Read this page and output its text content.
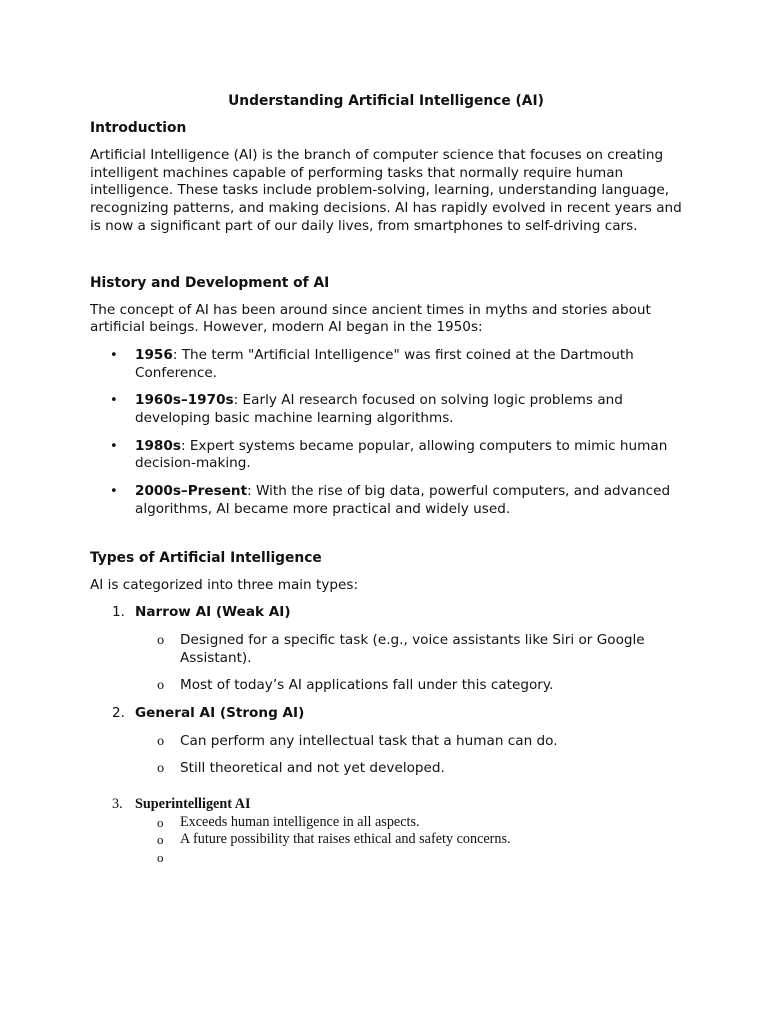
Understanding Artificial Intelligence (AI)
Introduction

Artificial Intelligence (AI) is the branch of computer science that focuses on creating intelligent machines capable of performing tasks that normally require human intelligence. These tasks include problem-solving, learning, understanding language, recognizing patterns, and making decisions. AI has rapidly evolved in recent years and is now a significant part of our daily lives, from smartphones to self-driving cars.

History and Development of AI

The concept of AI has been around since ancient times in myths and stories about artificial beings. However, modern AI began in the 1950s:

• 1956: The term "Artificial Intelligence" was first coined at the Dartmouth Conference.
• 1960s–1970s: Early AI research focused on solving logic problems and developing basic machine learning algorithms.
• 1980s: Expert systems became popular, allowing computers to mimic human decision-making.
• 2000s–Present: With the rise of big data, powerful computers, and advanced algorithms, AI became more practical and widely used.
Types of Artificial Intelligence

AI is categorized into three main types:

1. Narrow AI (Weak AI)
o Designed for a specific task (e.g., voice assistants like Siri or Google Assistant).
o Most of today’s AI applications fall under this category.
2. General AI (Strong AI)
o Can perform any intellectual task that a human can do.
o Still theoretical and not yet developed.
3. Superintelligent AI
o Exceeds human intelligence in all aspects.
o A future possibility that raises ethical and safety concerns.
o
